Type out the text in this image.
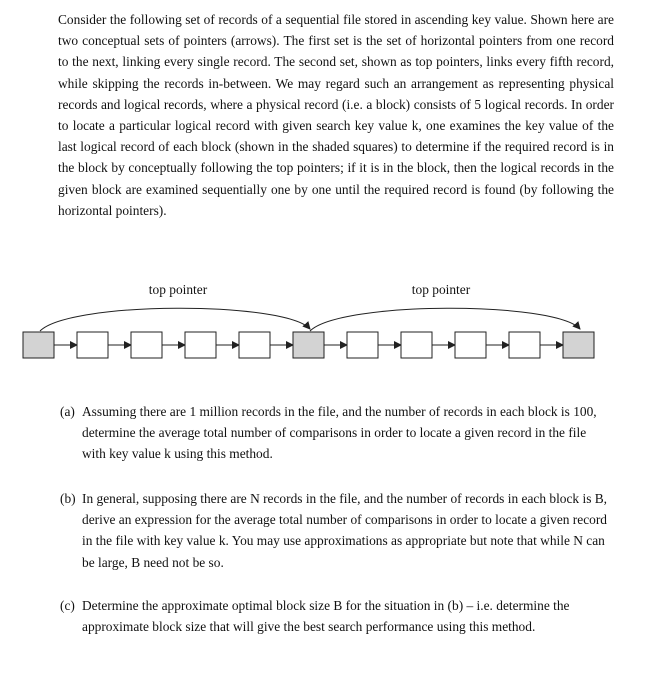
Consider the following set of records of a sequential file stored in ascending key value. Shown here are two conceptual sets of pointers (arrows). The first set is the set of horizontal pointers from one record to the next, linking every single record. The second set, shown as top pointers, links every fifth record, while skipping the records in-between. We may regard such an arrangement as representing physical records and logical records, where a physical record (i.e. a block) consists of 5 logical records. In order to locate a particular logical record with given search key value k, one examines the key value of the last logical record of each block (shown in the shaded squares) to determine if the required record is in the block by conceptually following the top pointers; if it is in the block, then the logical records in the given block are examined sequentially one by one until the required record is found (by following the horizontal pointers).
top pointer	top pointer
(a) Assuming there are 1 million records in the file, and the number of records in each block is 100, determine the average total number of comparisons in order to locate a given record in the file with key value k using this method.
(b) In general, supposing there are N records in the file, and the number of records in each block is B, derive an expression for the average total number of comparisons in order to locate a given record in the file with key value k. You may use approximations as appropriate but note that while N can be large, B need not be so.
(c) Determine the approximate optimal block size B for the situation in (b) – i.e. determine the approximate block size that will give the best search performance using this method.
